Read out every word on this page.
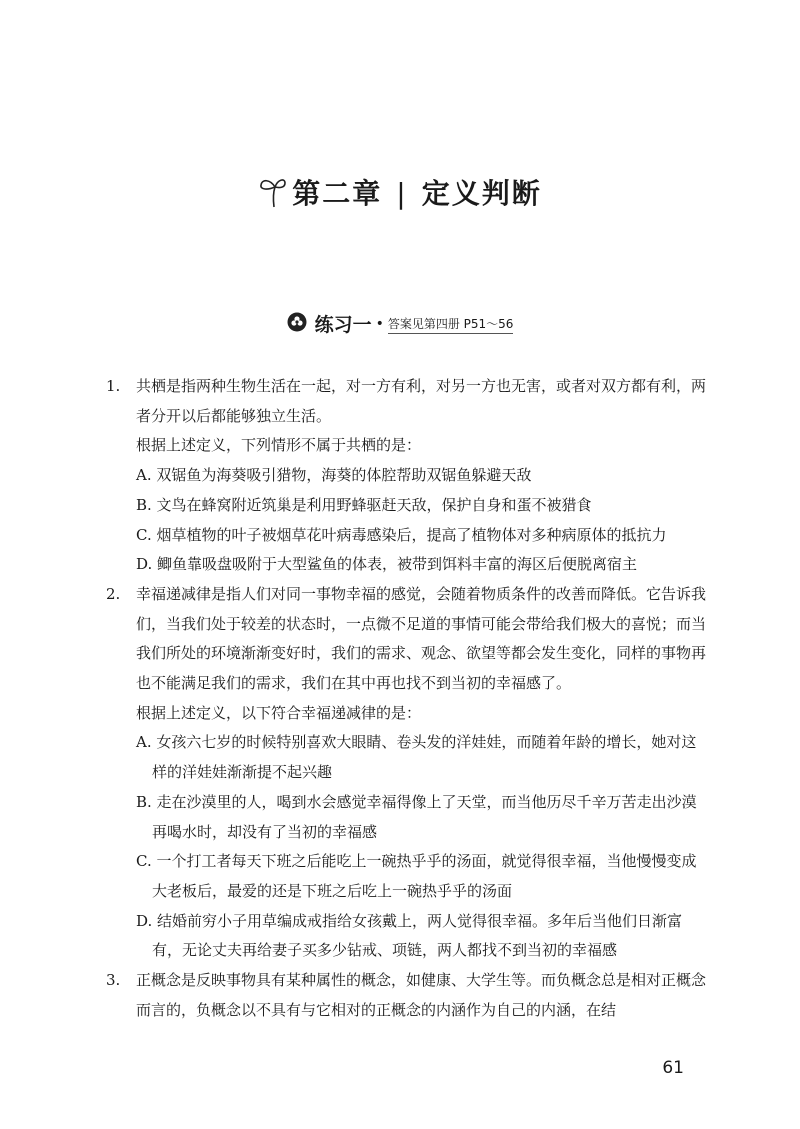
第二章 | 定义判断
练习一 • 答案见第四册 P51～56
1. 共栖是指两种生物生活在一起，对一方有利，对另一方也无害，或者对双方都有利，两者分开以后都能够独立生活。

根据上述定义，下列情形不属于共栖的是：

A. 双锯鱼为海葵吸引猎物，海葵的体腔帮助双锯鱼躲避天敌

B. 文鸟在蜂窝附近筑巢是利用野蜂驱赶天敌，保护自身和蛋不被猎食

C. 烟草植物的叶子被烟草花叶病毒感染后，提高了植物体对多种病原体的抵抗力

D. 鲫鱼靠吸盘吸附于大型鲨鱼的体表，被带到饵料丰富的海区后便脱离宿主

2. 幸福递减律是指人们对同一事物幸福的感觉，会随着物质条件的改善而降低。它告诉我们，当我们处于较差的状态时，一点微不足道的事情可能会带给我们极大的喜悦；而当我们所处的环境渐渐变好时，我们的需求、观念、欲望等都会发生变化，同样的事物再也不能满足我们的需求，我们在其中再也找不到当初的幸福感了。

根据上述定义，以下符合幸福递减律的是：

A. 女孩六七岁的时候特别喜欢大眼睛、卷头发的洋娃娃，而随着年龄的增长，她对这样的洋娃娃渐渐提不起兴趣

B. 走在沙漠里的人，喝到水会感觉幸福得像上了天堂，而当他历尽千辛万苦走出沙漠再喝水时，却没有了当初的幸福感

C. 一个打工者每天下班之后能吃上一碗热乎乎的汤面，就觉得很幸福，当他慢慢变成大老板后，最爱的还是下班之后吃上一碗热乎乎的汤面

D. 结婚前穷小子用草编成戒指给女孩戴上，两人觉得很幸福。多年后当他们日渐富有，无论丈夫再给妻子买多少钻戒、项链，两人都找不到当初的幸福感

3. 正概念是反映事物具有某种属性的概念，如健康、大学生等。而负概念总是相对正概念而言的，负概念以不具有与它相对的正概念的内涵作为自己的内涵，在结

61
